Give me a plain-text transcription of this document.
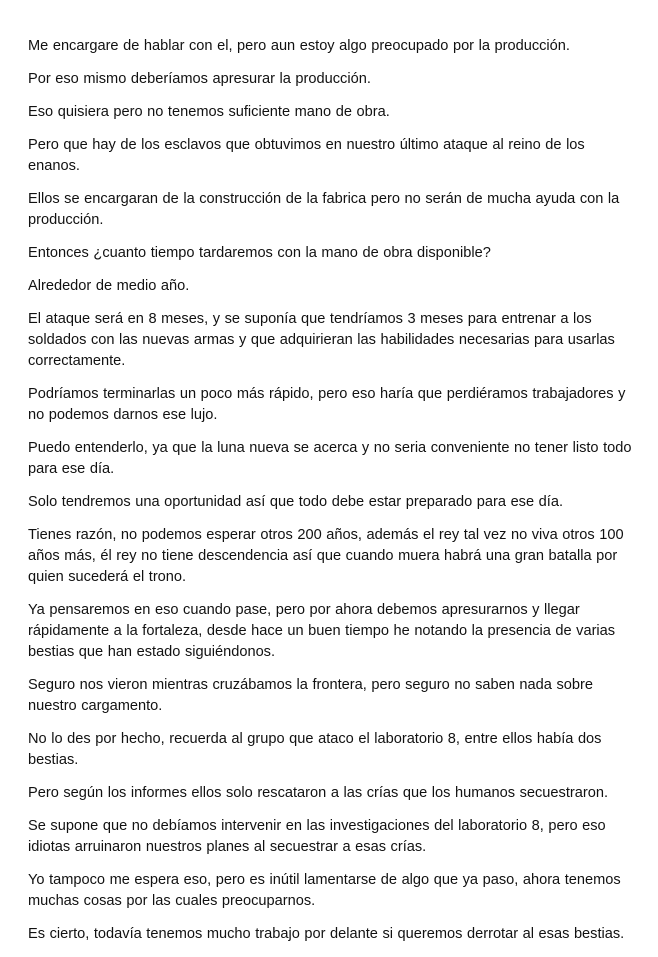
Me encargare de hablar con el, pero aun estoy algo preocupado por la producción.

Por eso mismo deberíamos apresurar la producción.

Eso quisiera pero no tenemos suficiente mano de obra.

Pero que hay de los esclavos que obtuvimos en nuestro último ataque al reino de los enanos.

Ellos se encargaran de la construcción de la fabrica pero no serán de mucha ayuda con la producción.

Entonces ¿cuanto tiempo tardaremos con la mano de obra disponible?

Alrededor de medio año.

El ataque será en 8 meses, y se suponía que tendríamos 3 meses para entrenar a los soldados con las nuevas armas y que adquirieran las habilidades necesarias para usarlas correctamente.

Podríamos terminarlas un poco más rápido, pero eso haría que perdiéramos trabajadores y no podemos darnos ese lujo.

Puedo entenderlo, ya que la luna nueva se acerca y no seria conveniente no tener listo todo para ese día.

Solo tendremos una oportunidad así que todo debe estar preparado para ese día.

Tienes razón, no podemos esperar otros 200 años, además el rey tal vez no viva otros 100 años más, él rey no tiene descendencia así que cuando muera habrá una gran batalla por quien sucederá el trono.

Ya pensaremos en eso cuando pase, pero por ahora debemos apresurarnos y llegar rápidamente a la fortaleza, desde hace un buen tiempo he notando la presencia de varias bestias que han estado siguiéndonos.

Seguro nos vieron mientras cruzábamos la frontera, pero seguro no saben nada sobre nuestro cargamento.

No lo des por hecho, recuerda al grupo que ataco el laboratorio 8, entre ellos había dos bestias.

Pero según los informes ellos solo rescataron a las crías que los humanos secuestraron.

Se supone que no debíamos intervenir en las investigaciones del laboratorio 8, pero eso idiotas arruinaron nuestros planes al secuestrar a esas crías.

Yo tampoco me espera eso, pero es inútil lamentarse de algo que ya paso, ahora tenemos muchas cosas por las cuales preocuparnos.

Es cierto, todavía tenemos mucho trabajo por delante si queremos derrotar al esas bestias.
